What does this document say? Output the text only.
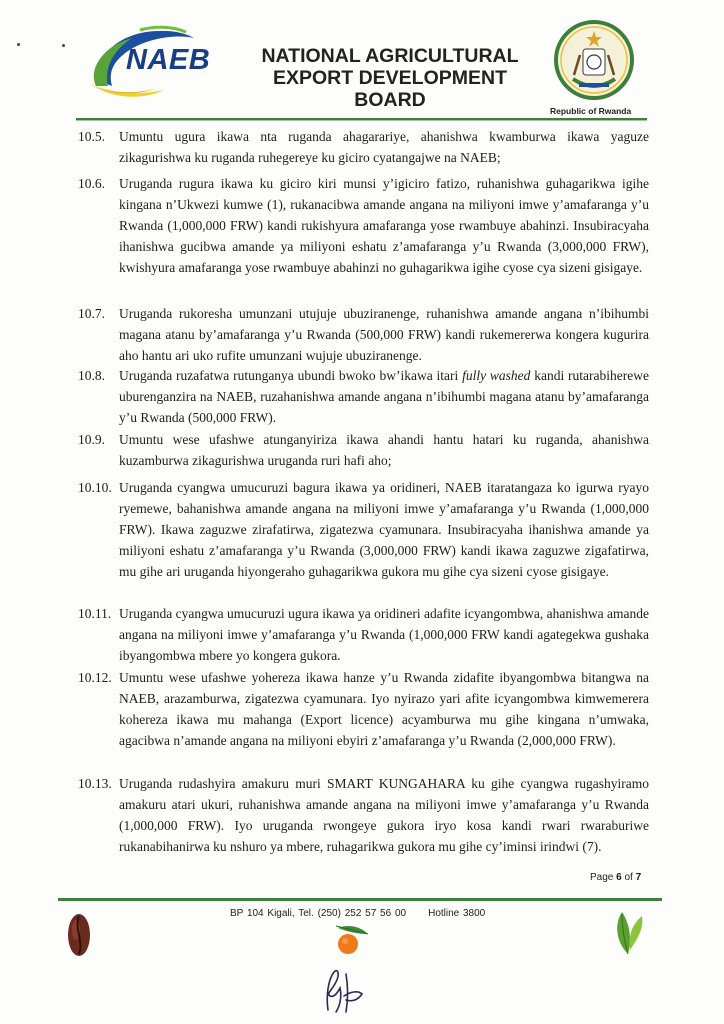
NAEB	NATIONAL AGRICULTURAL
EXPORT DEVELOPMENT
BOARD	Republic of Rwanda
10.5. Umuntu ugura ikawa nta ruganda ahagarariye, ahanishwa kwamburwa ikawa yaguze zikagurishwa ku ruganda ruhegereye ku giciro cyatangajwe na NAEB;
10.6. Uruganda rugura ikawa ku giciro kiri munsi y’igiciro fatizo, ruhanishwa guhagarikwa igihe kingana n’Ukwezi kumwe (1), rukanacibwa amande angana na miliyoni imwe y’amafaranga y’u Rwanda (1,000,000 FRW) kandi rukishyura amafaranga yose rwambuye abahinzi. Insubiracyaha ihanishwa gucibwa amande ya miliyoni eshatu z’amafaranga y’u Rwanda (3,000,000 FRW), kwishyura amafaranga yose rwambuye abahinzi no guhagarikwa igihe cyose cya sizeni gisigaye.
10.7. Uruganda rukoresha umunzani utujuje ubuziranenge, ruhanishwa amande angana n’ibihumbi magana atanu by’amafaranga y’u Rwanda (500,000 FRW) kandi rukemererwa kongera kugurira aho hantu ari uko rufite umunzani wujuje ubuziranenge.
10.8. Uruganda ruzafatwa rutunganya ubundi bwoko bw’ikawa itari fully washed kandi rutarabiherewe uburenganzira na NAEB, ruzahanishwa amande angana n’ibihumbi magana atanu by’amafaranga y’u Rwanda (500,000 FRW).
10.9. Umuntu wese ufashwe atunganyiriza ikawa ahandi hantu hatari ku ruganda, ahanishwa kuzamburwa zikagurishwa uruganda ruri hafi aho;
10.10. Uruganda cyangwa umucuruzi bagura ikawa ya oridineri, NAEB itaratangaza ko igurwa ryayo ryemewe, bahanishwa amande angana na miliyoni imwe y’amafaranga y’u Rwanda (1,000,000 FRW). Ikawa zaguzwe zirafatirwa, zigatezwa cyamunara. Insubiracyaha ihanishwa amande ya miliyoni eshatu z’amafaranga y’u Rwanda (3,000,000 FRW) kandi ikawa zaguzwe zigafatirwa, mu gihe ari uruganda hiyongeraho guhagarikwa gukora mu gihe cya sizeni cyose gisigaye.
10.11. Uruganda cyangwa umucuruzi ugura ikawa ya oridineri adafite icyangombwa, ahanishwa amande angana na miliyoni imwe y’amafaranga y’u Rwanda (1,000,000 FRW kandi agategekwa gushaka ibyangombwa mbere yo kongera gukora.
10.12. Umuntu wese ufashwe yohereza ikawa hanze y’u Rwanda zidafite ibyangombwa bitangwa na NAEB, arazamburwa, zigatezwa cyamunara. Iyo nyirazo yari afite icyangombwa kimwemerera kohereza ikawa mu mahanga (Export licence) acyamburwa mu gihe kingana n’umwaka, agacibwa n’amande angana na miliyoni ebyiri z’amafaranga y’u Rwanda (2,000,000 FRW).
10.13. Uruganda rudashyira amakuru muri SMART KUNGAHARA ku gihe cyangwa rugashyiramo amakuru atari ukuri, ruhanishwa amande angana na miliyoni imwe y’amafaranga y’u Rwanda (1,000,000 FRW). Iyo uruganda rwongeye gukora iryo kosa kandi rwari rwaraburiwe rukanabihanirwa ku nshuro ya mbere, ruhagarikwa gukora mu gihe cy’iminsi irindwi (7).
Page 6 of 7
BP 104 Kigali, Tel. (250) 252 57 56 00 Hotline 3800
